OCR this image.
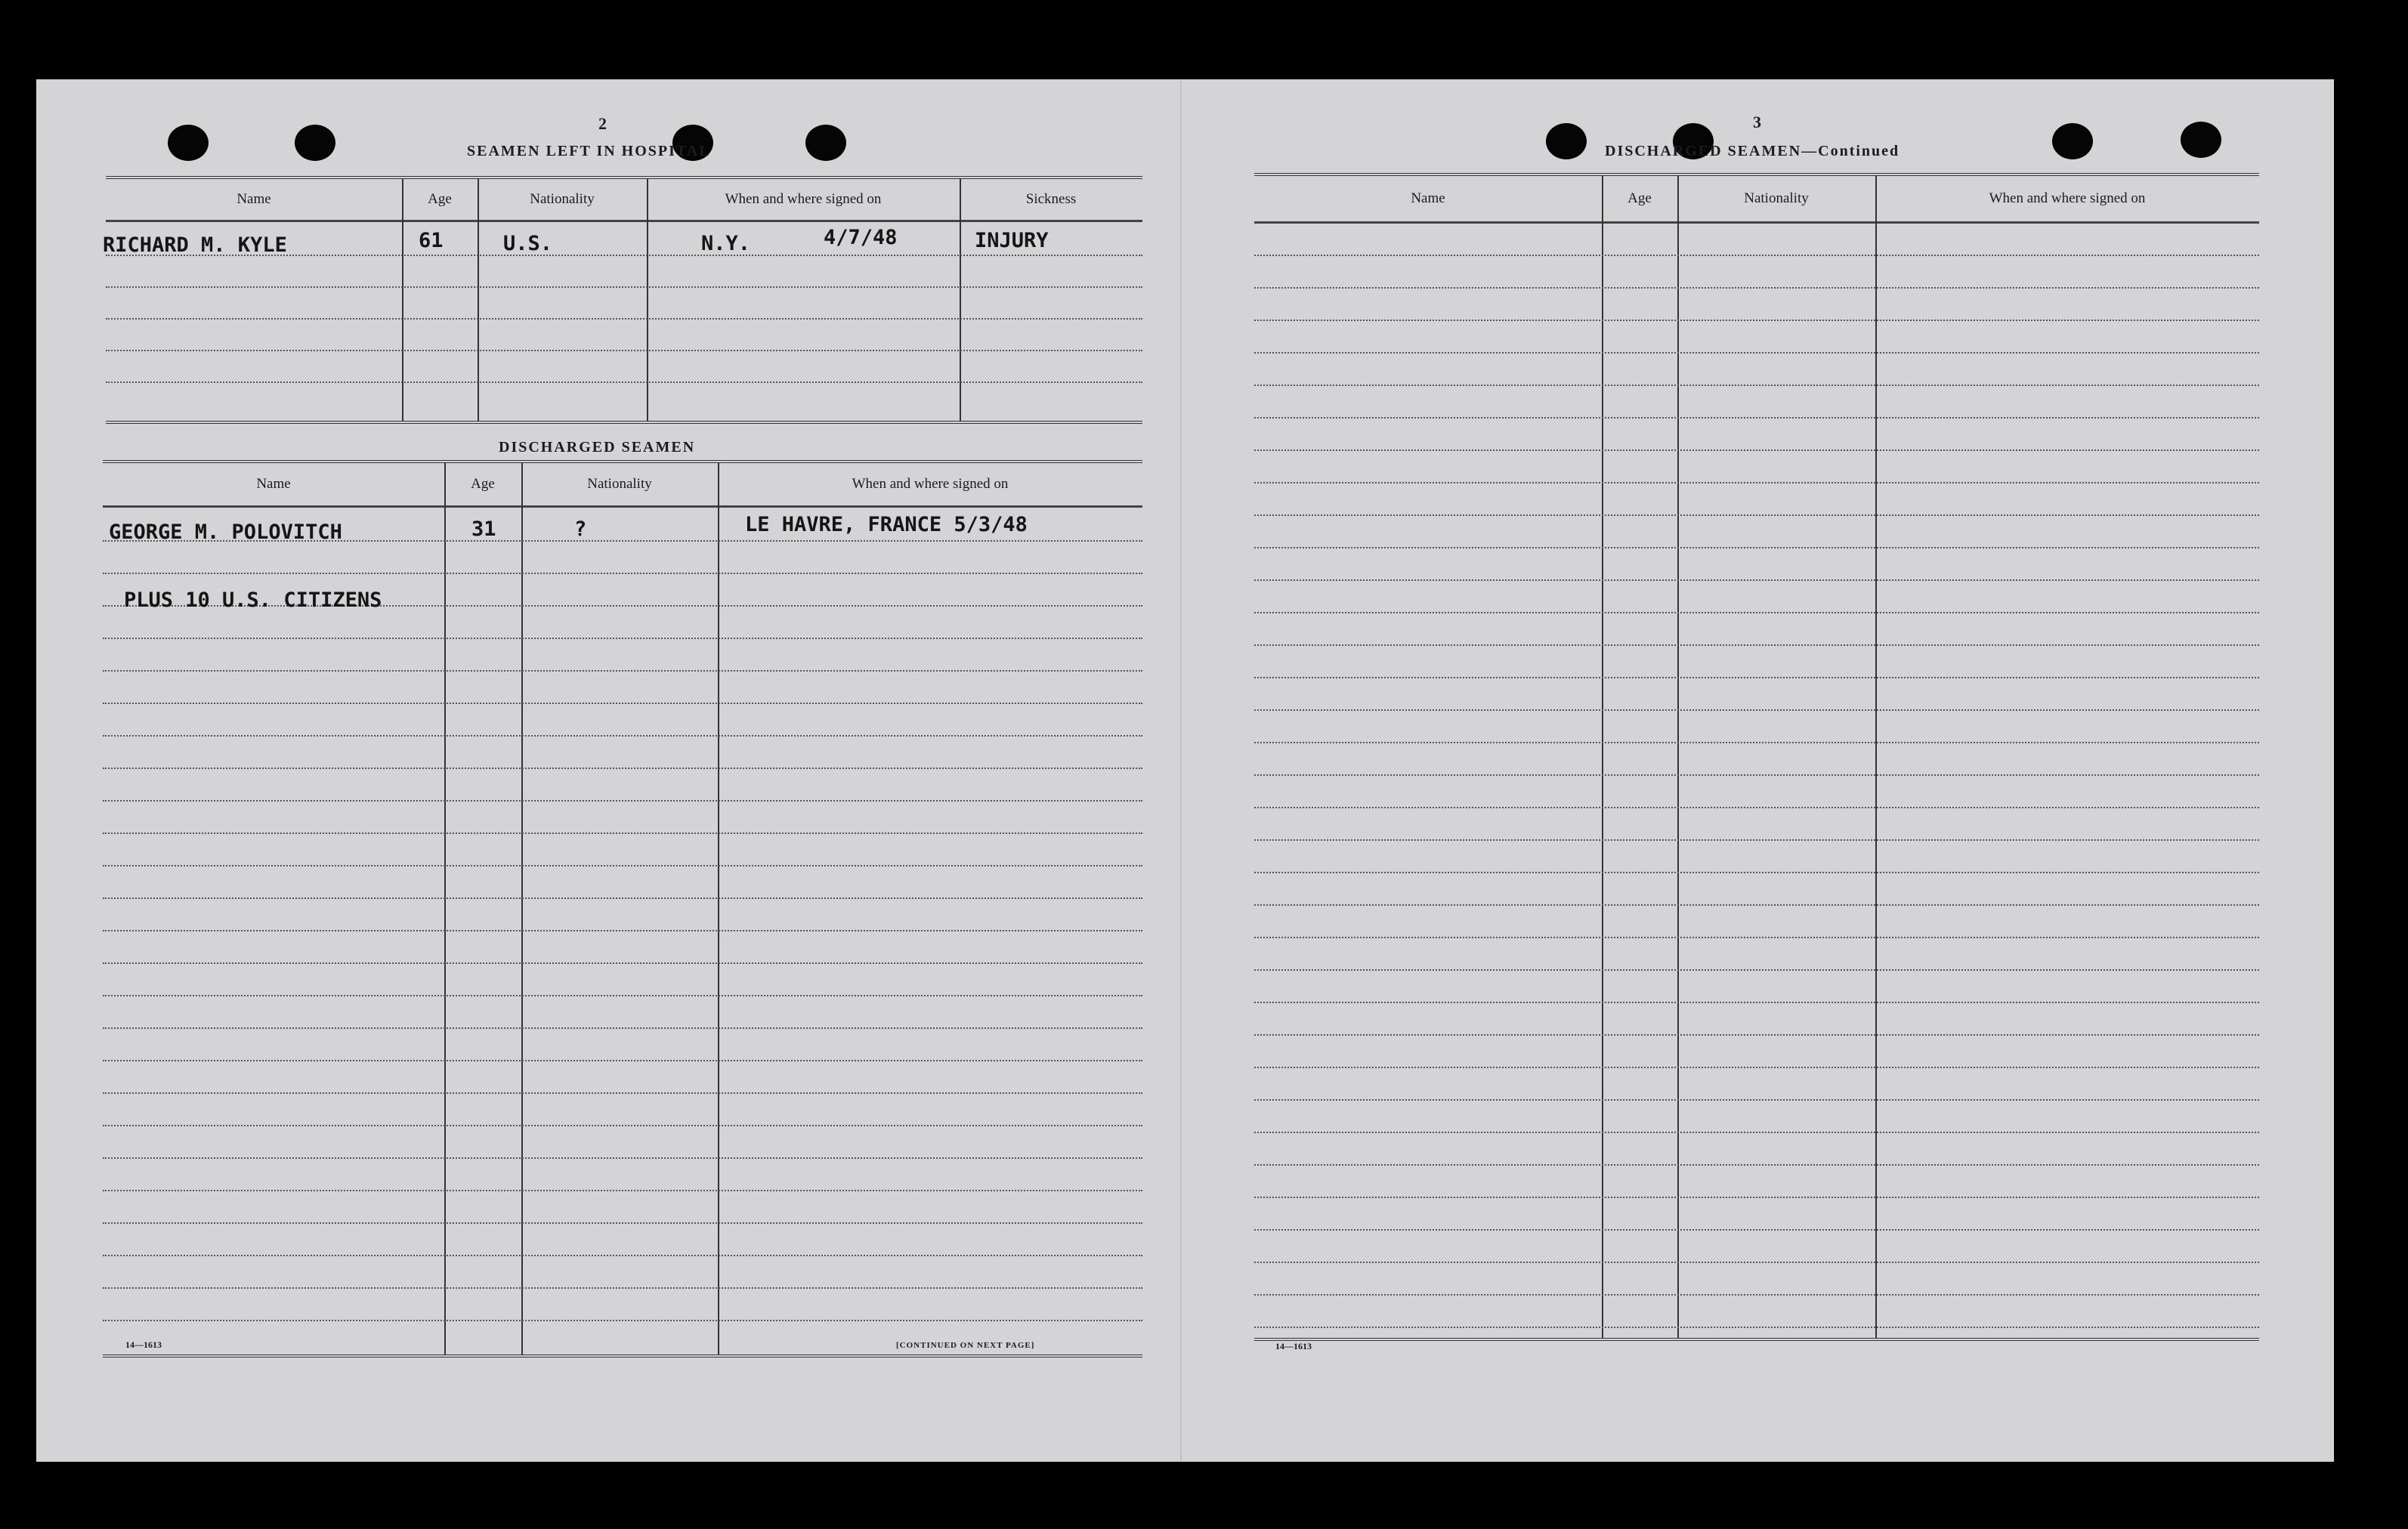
2
SEAMEN LEFT IN HOSPITAL
Name	Age	Nationality	When and where signed on	Sickness
RICHARD M. KYLE	61	U.S.	N.Y.	4/7/48	INJURY
DISCHARGED SEAMEN
Name	Age	Nationality	When and where signed on
GEORGE M. POLOVITCH	31	?	LE HAVRE, FRANCE 5/3/48
PLUS 10 U.S. CITIZENS
14—1613	[CONTINUED ON NEXT PAGE]
3
DISCHARGED SEAMEN—Continued
Name	Age	Nationality	When and where signed on
14—1613
